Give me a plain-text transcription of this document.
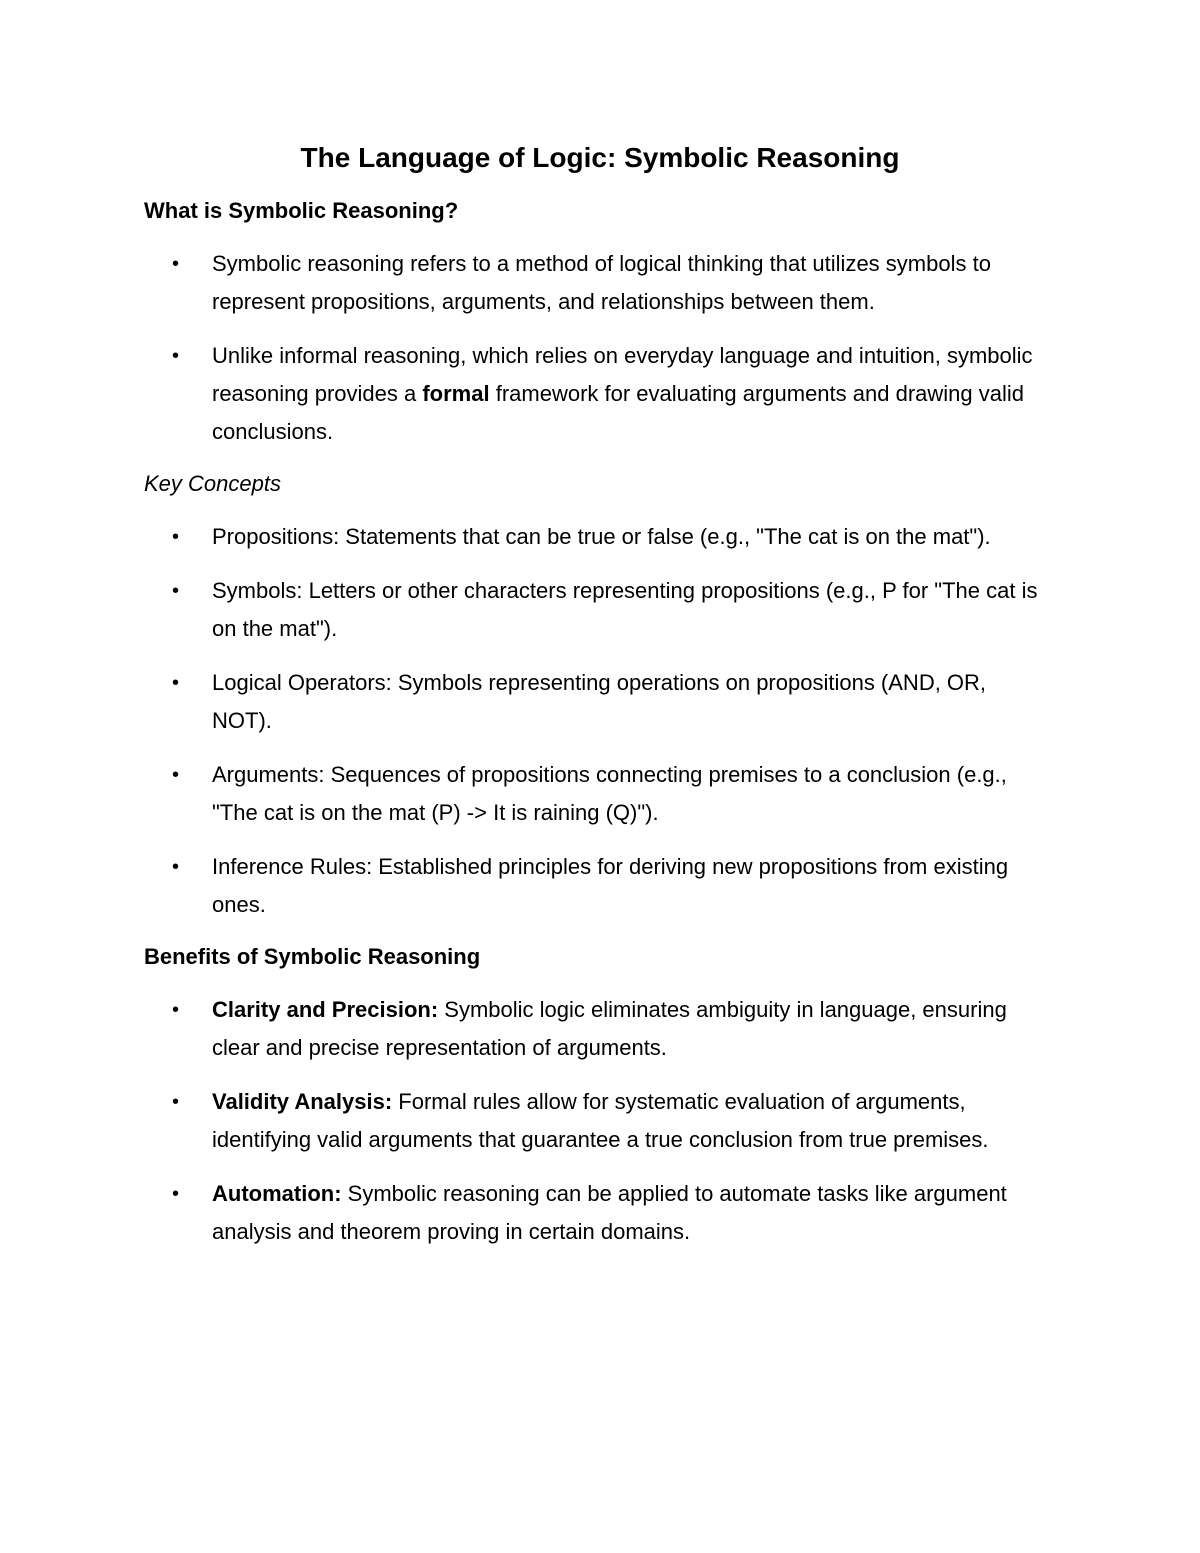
The Language of Logic: Symbolic Reasoning
What is Symbolic Reasoning?
• Symbolic reasoning refers to a method of logical thinking that utilizes symbols to represent propositions, arguments, and relationships between them.
• Unlike informal reasoning, which relies on everyday language and intuition, symbolic reasoning provides a formal framework for evaluating arguments and drawing valid conclusions.
Key Concepts
• Propositions: Statements that can be true or false (e.g., "The cat is on the mat").
• Symbols: Letters or other characters representing propositions (e.g., P for "The cat is on the mat").
• Logical Operators: Symbols representing operations on propositions (AND, OR, NOT).
• Arguments: Sequences of propositions connecting premises to a conclusion (e.g., "The cat is on the mat (P) -> It is raining (Q)").
• Inference Rules: Established principles for deriving new propositions from existing ones.
Benefits of Symbolic Reasoning
• Clarity and Precision: Symbolic logic eliminates ambiguity in language, ensuring clear and precise representation of arguments.
• Validity Analysis: Formal rules allow for systematic evaluation of arguments, identifying valid arguments that guarantee a true conclusion from true premises.
• Automation: Symbolic reasoning can be applied to automate tasks like argument analysis and theorem proving in certain domains.
